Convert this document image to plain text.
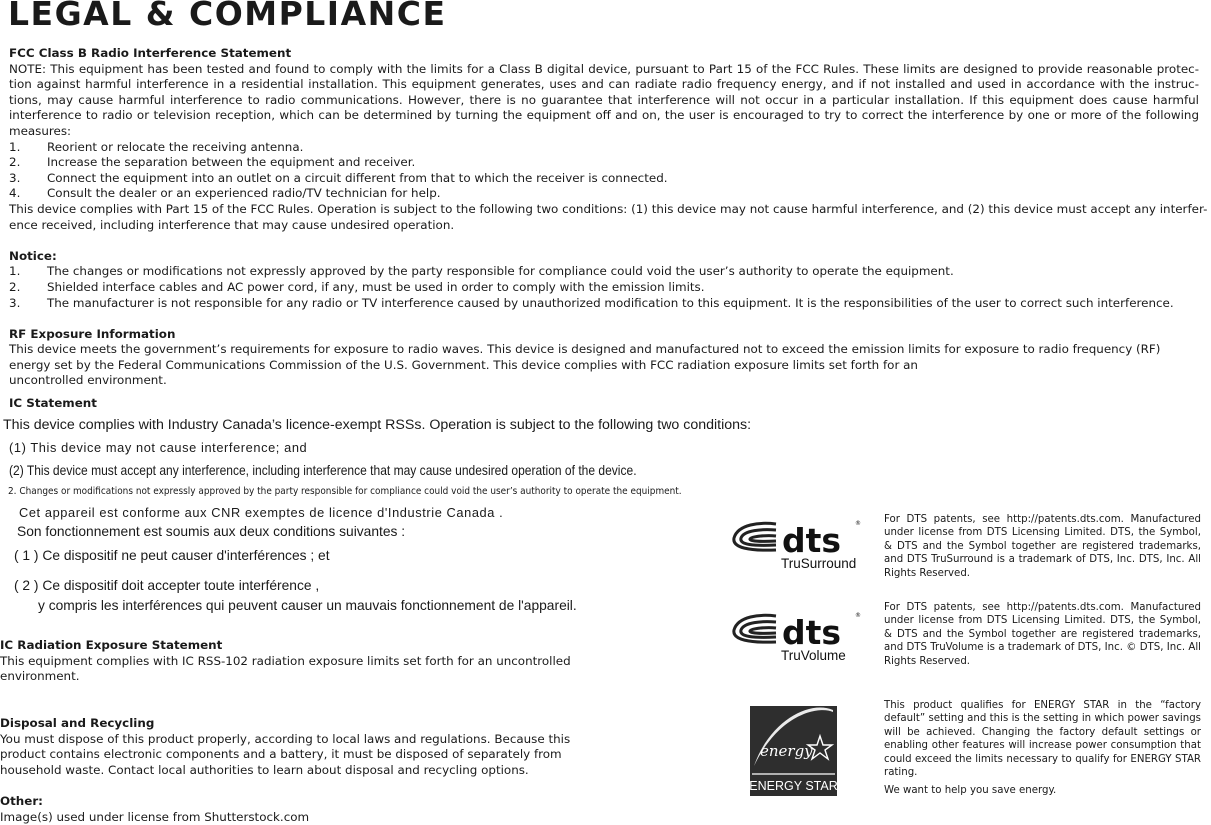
LEGAL & COMPLIANCE

FCC Class B Radio Interference Statement

NOTE: This equipment has been tested and found to comply with the limits for a Class B digital device, pursuant to Part 15 of the FCC Rules. These limits are designed to provide reasonable protec-tion against harmful interference in a residential installation. This equipment generates, uses and can radiate radio frequency energy, and if not installed and used in accordance with the instruc-tions, may cause harmful interference to radio communications. However, there is no guarantee that interference will not occur in a particular installation. If this equipment does cause harmful interference to radio or television reception, which can be determined by turning the equipment off and on, the user is encouraged to try to correct the interference by one or more of the following measures:

1.	Reorient or relocate the receiving antenna.
2.	Increase the separation between the equipment and receiver.
3.	Connect the equipment into an outlet on a circuit different from that to which the receiver is connected.
4.	Consult the dealer or an experienced radio/TV technician for help.

This device complies with Part 15 of the FCC Rules. Operation is subject to the following two conditions: (1) this device may not cause harmful interference, and (2) this device must accept any interfer-ence received, including interference that may cause undesired operation.

Notice:

1.	The changes or modifications not expressly approved by the party responsible for compliance could void the user’s authority to operate the equipment.
2.	Shielded interface cables and AC power cord, if any, must be used in order to comply with the emission limits.
3.	The manufacturer is not responsible for any radio or TV interference caused by unauthorized modification to this equipment. It is the responsibilities of the user to correct such interference.

RF Exposure Information

This device meets the government’s requirements for exposure to radio waves. This device is designed and manufactured not to exceed the emission limits for exposure to radio frequency (RF)

energy set by the Federal Communications Commission of the U.S. Government. This device complies with FCC radiation exposure limits set forth for an

uncontrolled environment.

IC Statement
This device complies with Industry Canada’s licence-exempt RSSs. Operation is subject to the following two conditions:
(1) This device may not cause interference; and
(2) This device must accept any interference, including interference that may cause undesired operation of the device.
2. Changes or modifications not expressly approved by the party responsible for compliance could void the user’s authority to operate the equipment.
Cet appareil est conforme aux CNR exemptes de licence d'Industrie Canada .
Son fonctionnement est soumis aux deux conditions suivantes :
( 1 ) Ce dispositif ne peut causer d'interférences ; et
( 2 ) Ce dispositif doit accepter toute interférence ,
y compris les interférences qui peuvent causer un mauvais fonctionnement de l'appareil.
IC Radiation Exposure Statement
This equipment complies with IC RSS-102 radiation exposure limits set forth for an uncontrolled environment.
Disposal and Recycling
You must dispose of this product properly, according to local laws and regulations. Because this product contains electronic components and a battery, it must be disposed of separately from household waste. Contact local authorities to learn about disposal and recycling options.
Other:
Image(s) used under license from Shutterstock.com
dts ®
TruSurround

For DTS patents, see http://patents.dts.com. Manufactured under license from DTS Licensing Limited. DTS, the Symbol, & DTS and the Symbol together are registered trademarks, and DTS TruSurround is a trademark of DTS, Inc. DTS, Inc. All Rights Reserved.

dts ®
TruVolume

For DTS patents, see http://patents.dts.com. Manufactured under license from DTS Licensing Limited. DTS, the Symbol, & DTS and the Symbol together are registered trademarks, and DTS TruVolume is a trademark of DTS, Inc. © DTS, Inc. All Rights Reserved.

energy
ENERGY STAR

This product qualifies for ENERGY STAR in the “factory default” setting and this is the setting in which power savings will be achieved. Changing the factory default settings or enabling other features will increase power consumption that could exceed the limits necessary to qualify for ENERGY STAR rating.

We want to help you save energy.
